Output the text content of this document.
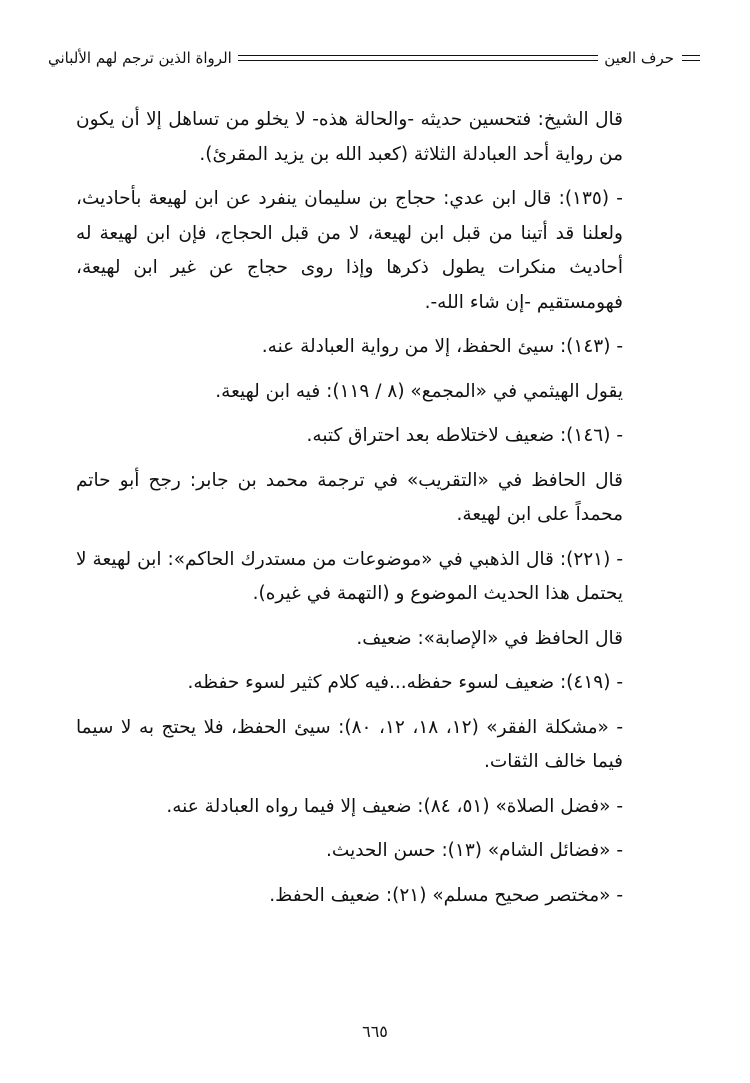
حرف العين
الرواة الذين ترجم لهم الألباني

قال الشيخ: فتحسين حديثه -والحالة هذه- لا يخلو من تساهل إلا أن يكون من رواية أحد العبادلة الثلاثة (كعبد الله بن يزيد المقرئ).

- (١٣٥): قال ابن عدي: حجاج بن سليمان ينفرد عن ابن لهيعة بأحاديث، ولعلنا قد أتينا من قبل ابن لهيعة، لا من قبل الحجاج، فإن ابن لهيعة له أحاديث منكرات يطول ذكرها وإذا روى حجاج عن غير ابن لهيعة، فهومستقيم -إن شاء الله-.

- (١٤٣): سيئ الحفظ، إلا من رواية العبادلة عنه.

يقول الهيثمي في «المجمع» (٨ / ١١٩): فيه ابن لهيعة.

- (١٤٦): ضعيف لاختلاطه بعد احتراق كتبه.

قال الحافظ في «التقريب» في ترجمة محمد بن جابر: رجح أبو حاتم محمداً على ابن لهيعة.

- (٢٢١): قال الذهبي في «موضوعات من مستدرك الحاكم»: ابن لهيعة لا يحتمل هذا الحديث الموضوع و (التهمة في غيره).

قال الحافظ في «الإصابة»: ضعيف.

- (٤١٩): ضعيف لسوء حفظه...فيه كلام كثير لسوء حفظه.

- «مشكلة الفقر» (١٢، ١٨، ١٢، ٨٠): سيئ الحفظ، فلا يحتج به لا سيما فيما خالف الثقات.

- «فضل الصلاة» (٥١، ٨٤): ضعيف إلا فيما رواه العبادلة عنه.

- «فضائل الشام» (١٣): حسن الحديث.

- «مختصر صحيح مسلم» (٢١): ضعيف الحفظ.

٦٦٥
